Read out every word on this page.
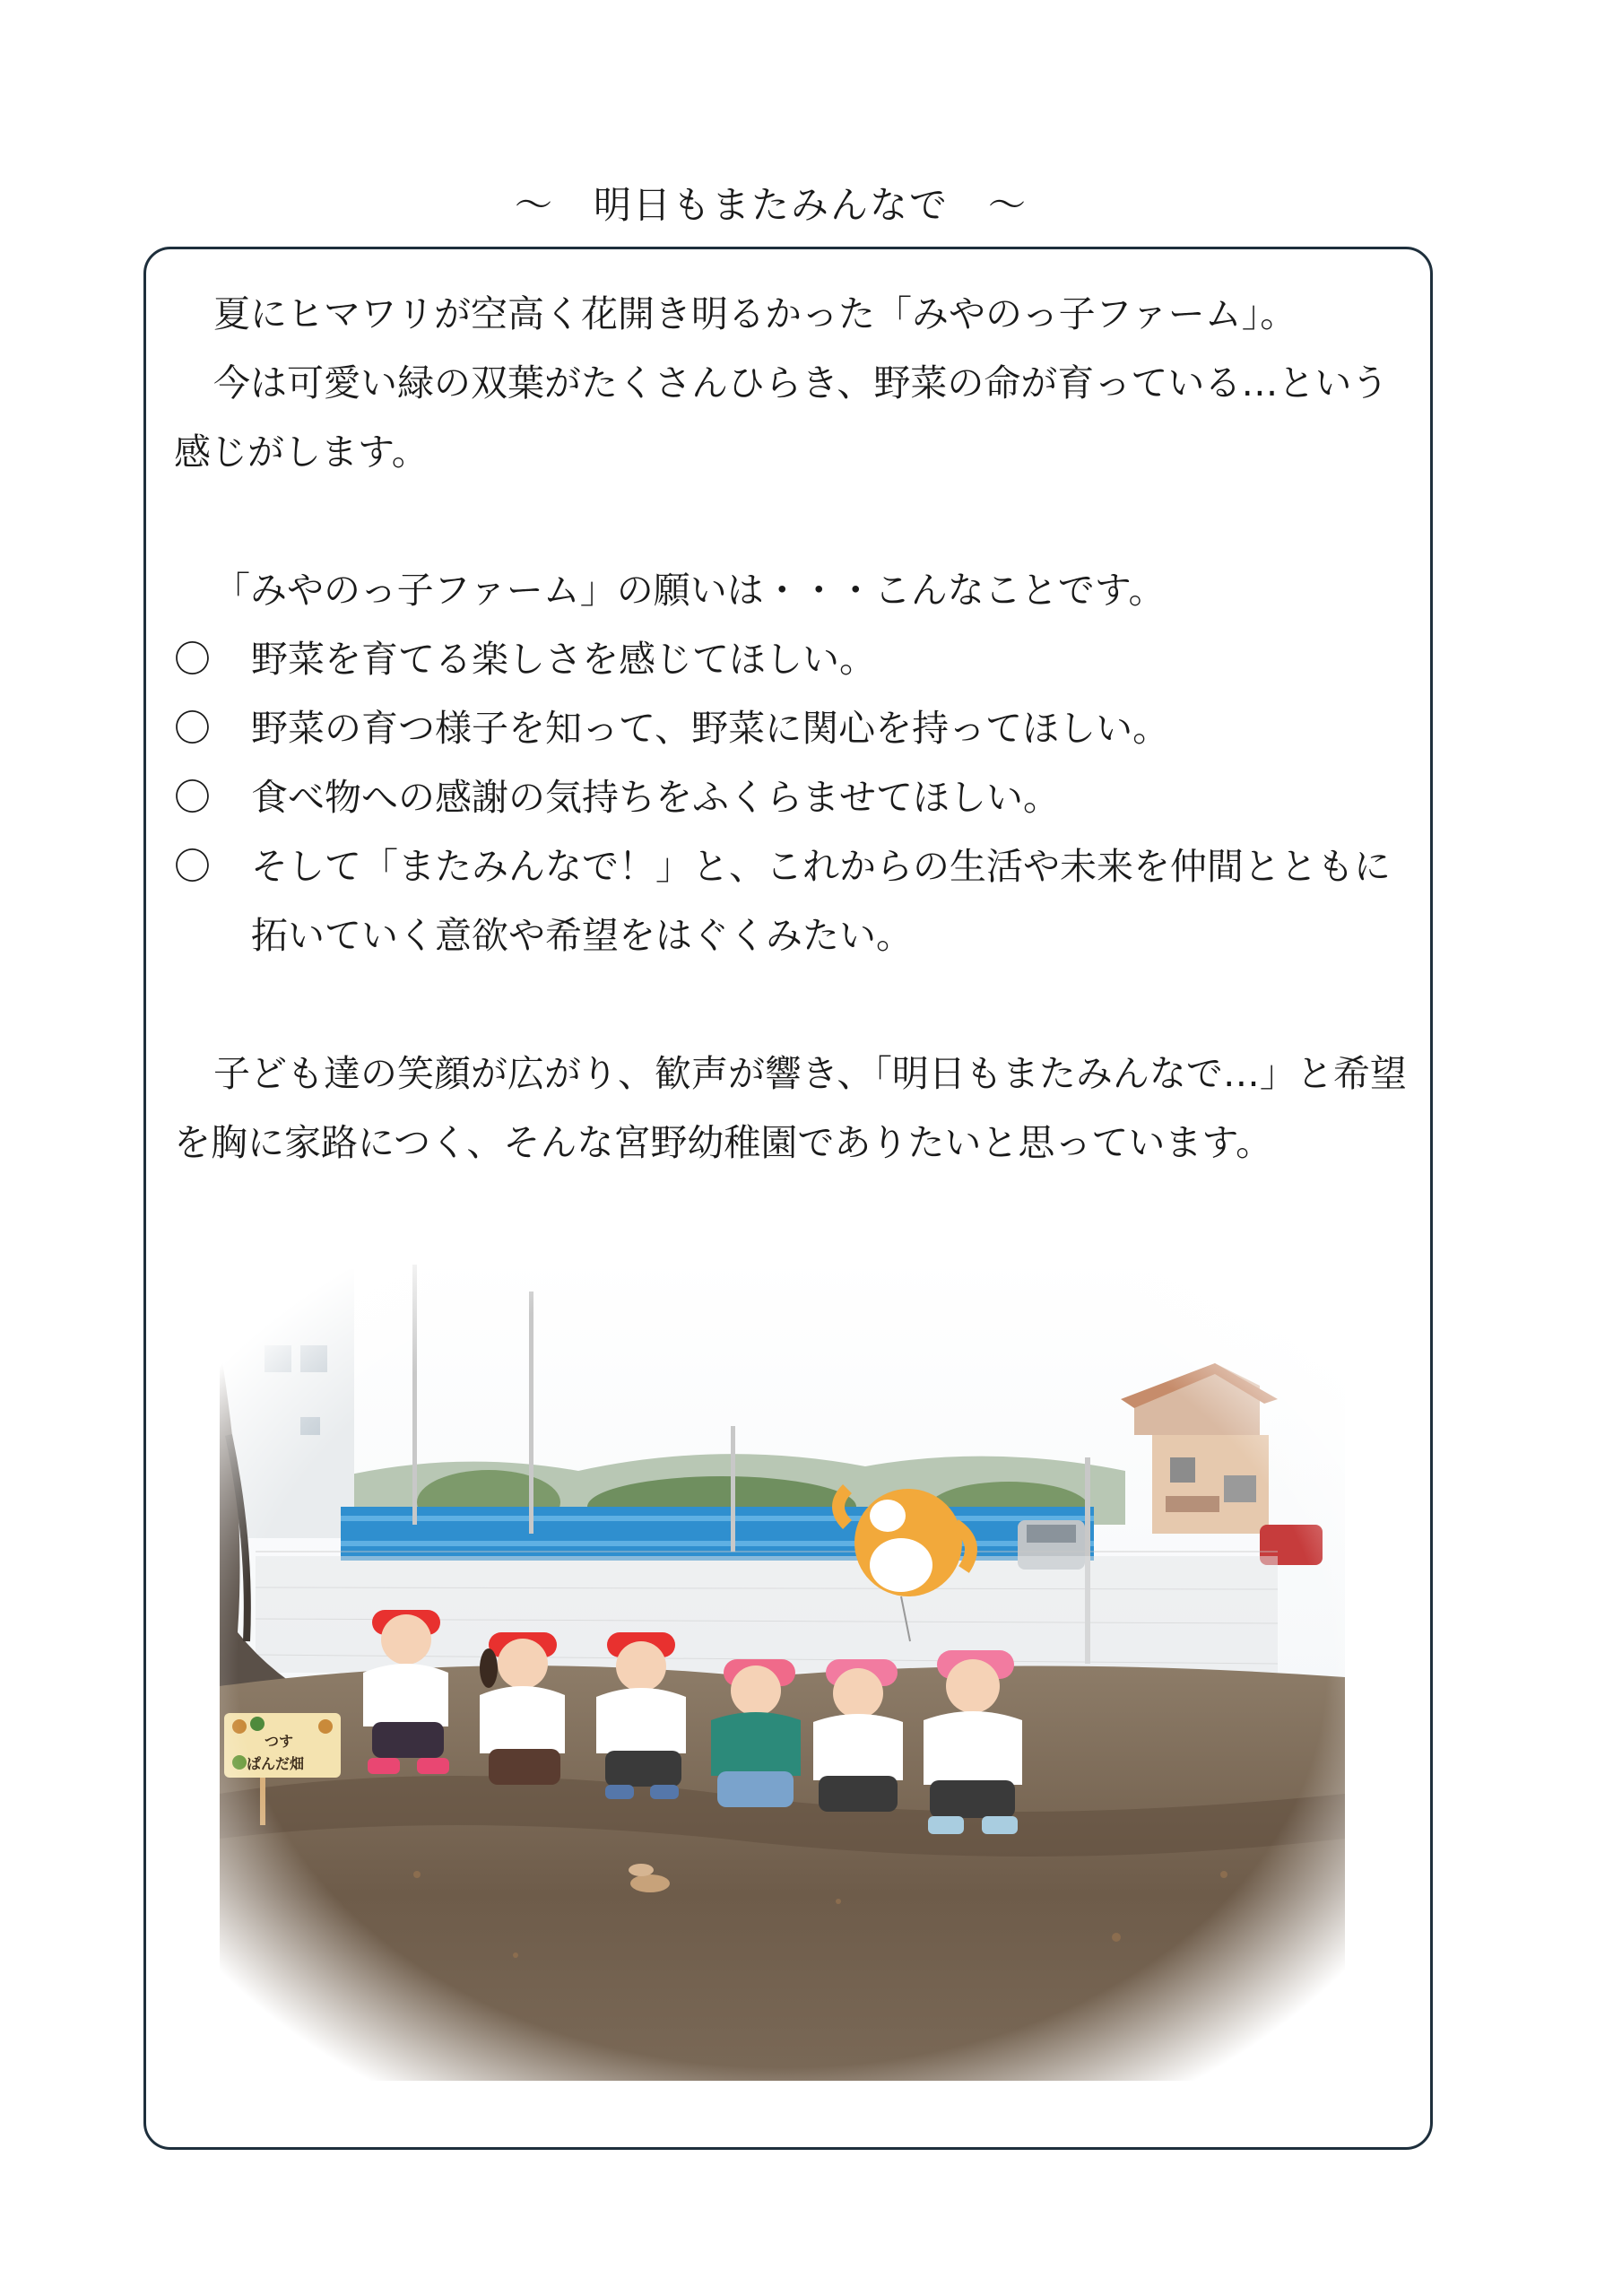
～　明日もまたみんなで　～

夏にヒマワリが空高く花開き明るかった「みやのっ子ファーム」。

今は可愛い緑の双葉がたくさんひらき、野菜の命が育っている…という感じがします。

「みやのっ子ファーム」の願いは・・・こんなことです。

〇 野菜を育てる楽しさを感じてほしい。
〇 野菜の育つ様子を知って、野菜に関心を持ってほしい。
〇 食べ物への感謝の気持ちをふくらませてほしい。
〇 そして「またみんなで！」と、これからの生活や未来を仲間とともに拓いていく意欲や希望をはぐくみたい。

子ども達の笑顔が広がり、歓声が響き、「明日もまたみんなで…」と希望を胸に家路につく、そんな宮野幼稚園でありたいと思っています。
